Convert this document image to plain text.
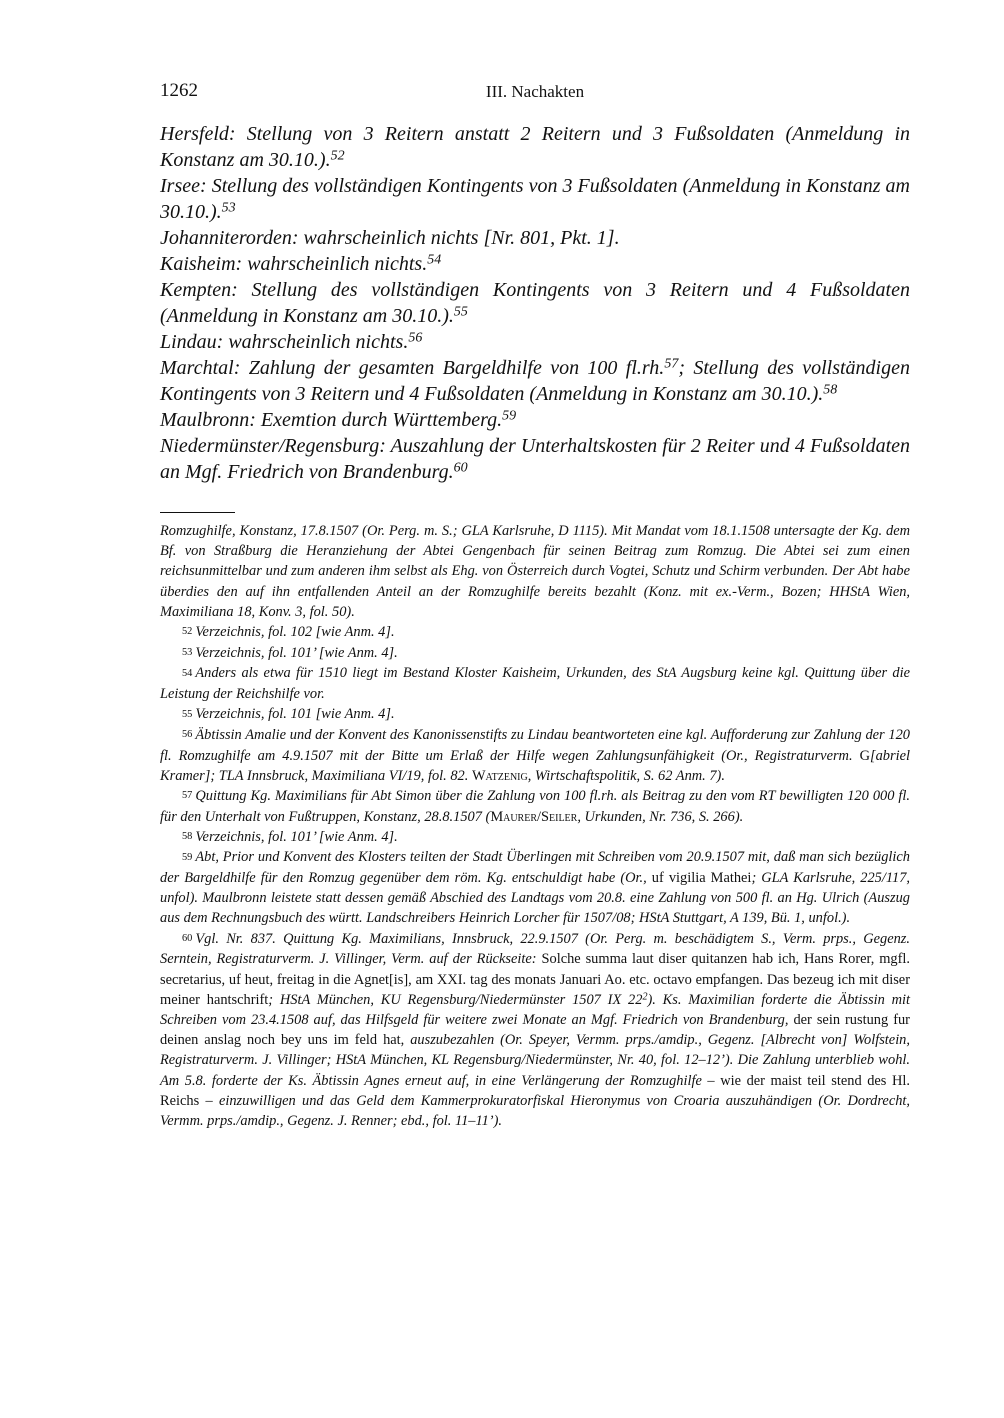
1262	III. Nachakten

Hersfeld: Stellung von 3 Reitern anstatt 2 Reitern und 3 Fußsoldaten (Anmeldung in Konstanz am 30.10.).$^{52}$

Irsee: Stellung des vollständigen Kontingents von 3 Fußsoldaten (Anmeldung in Konstanz am 30.10.).$^{53}$

Johanniterorden: wahrscheinlich nichts [Nr. 801, Pkt. 1].

Kaisheim: wahrscheinlich nichts.$^{54}$

Kempten: Stellung des vollständigen Kontingents von 3 Reitern und 4 Fußsoldaten (Anmeldung in Konstanz am 30.10.).$^{55}$

Lindau: wahrscheinlich nichts.$^{56}$

Marchtal: Zahlung der gesamten Bargeldhilfe von 100 fl.rh.$^{57}$; Stellung des vollständigen Kontingents von 3 Reitern und 4 Fußsoldaten (Anmeldung in Konstanz am 30.10.).$^{58}$

Maulbronn: Exemtion durch Württemberg.$^{59}$

Niedermünster/Regensburg: Auszahlung der Unterhaltskosten für 2 Reiter und 4 Fußsoldaten an Mgf. Friedrich von Brandenburg.$^{60}$

Romzughilfe, Konstanz, 17.8.1507 (Or. Perg. m. S.; GLA Karlsruhe, D 1115). Mit Mandat vom 18.1.1508 untersagte der Kg. dem Bf. von Straßburg die Heranziehung der Abtei Gengenbach für seinen Beitrag zum Romzug. Die Abtei sei zum einen reichsunmittelbar und zum anderen ihm selbst als Ehg. von Österreich durch Vogtei, Schutz und Schirm verbunden. Der Abt habe überdies den auf ihn entfallenden Anteil an der Romzughilfe bereits bezahlt (Konz. mit ex.-Verm., Bozen; HHStA Wien, Maximiliana 18, Konv. 3, fol. 50).

52 Verzeichnis, fol. 102 [wie Anm. 4].

53 Verzeichnis, fol. 101’ [wie Anm. 4].

54 Anders als etwa für 1510 liegt im Bestand Kloster Kaisheim, Urkunden, des StA Augsburg keine kgl. Quittung über die Leistung der Reichshilfe vor.

55 Verzeichnis, fol. 101 [wie Anm. 4].

56 Äbtissin Amalie und der Konvent des Kanonissenstifts zu Lindau beantworteten eine kgl. Aufforderung zur Zahlung der 120 fl. Romzughilfe am 4.9.1507 mit der Bitte um Erlaß der Hilfe wegen Zahlungsunfähigkeit (Or., Registraturverm. G[abriel Kramer]; TLA Innsbruck, Maximiliana VI/19, fol. 82. Watzenig, Wirtschaftspolitik, S. 62 Anm. 7).

57 Quittung Kg. Maximilians für Abt Simon über die Zahlung von 100 fl.rh. als Beitrag zu den vom RT bewilligten 120 000 fl. für den Unterhalt von Fußtruppen, Konstanz, 28.8.1507 (Maurer/Seiler, Urkunden, Nr. 736, S. 266).

58 Verzeichnis, fol. 101’ [wie Anm. 4].

59 Abt, Prior und Konvent des Klosters teilten der Stadt Überlingen mit Schreiben vom 20.9.1507 mit, daß man sich bezüglich der Bargeldhilfe für den Romzug gegenüber dem röm. Kg. entschuldigt habe (Or., uf vigilia Mathei; GLA Karlsruhe, 225/117, unfol). Maulbronn leistete statt dessen gemäß Abschied des Landtags vom 20.8. eine Zahlung von 500 fl. an Hg. Ulrich (Auszug aus dem Rechnungsbuch des württ. Landschreibers Heinrich Lorcher für 1507/08; HStA Stuttgart, A 139, Bü. 1, unfol.).

60 Vgl. Nr. 837. Quittung Kg. Maximilians, Innsbruck, 22.9.1507 (Or. Perg. m. beschädigtem S., Verm. prps., Gegenz. Serntein, Registraturverm. J. Villinger, Verm. auf der Rückseite: Solche summa laut diser quitanzen hab ich, Hans Rorer, mgfl. secretarius, uf heut, freitag in die Agnet[is], am XXI. tag des monats Januari Ao. etc. octavo empfangen. Das bezeug ich mit diser meiner hantschrift; HStA München, KU Regensburg/Niedermünster 1507 IX $22^2$). Ks. Maximilian forderte die Äbtissin mit Schreiben vom 23.4.1508 auf, das Hilfsgeld für weitere zwei Monate an Mgf. Friedrich von Brandenburg, der sein rustung fur deinen anslag noch bey uns im feld hat, auszubezahlen (Or. Speyer, Vermm. prps./amdip., Gegenz. [Albrecht von] Wolfstein, Registraturverm. J. Villinger; HStA München, KL Regensburg/Niedermünster, Nr. 40, fol. 12–12’). Die Zahlung unterblieb wohl. Am 5.8. forderte der Ks. Äbtissin Agnes erneut auf, in eine Verlängerung der Romzughilfe – wie der maist teil stend des Hl. Reichs – einzuwilligen und das Geld dem Kammerprokuratorfiskal Hieronymus von Croaria auszuhändigen (Or. Dordrecht, Vermm. prps./amdip., Gegenz. J. Renner; ebd., fol. 11–11’).
